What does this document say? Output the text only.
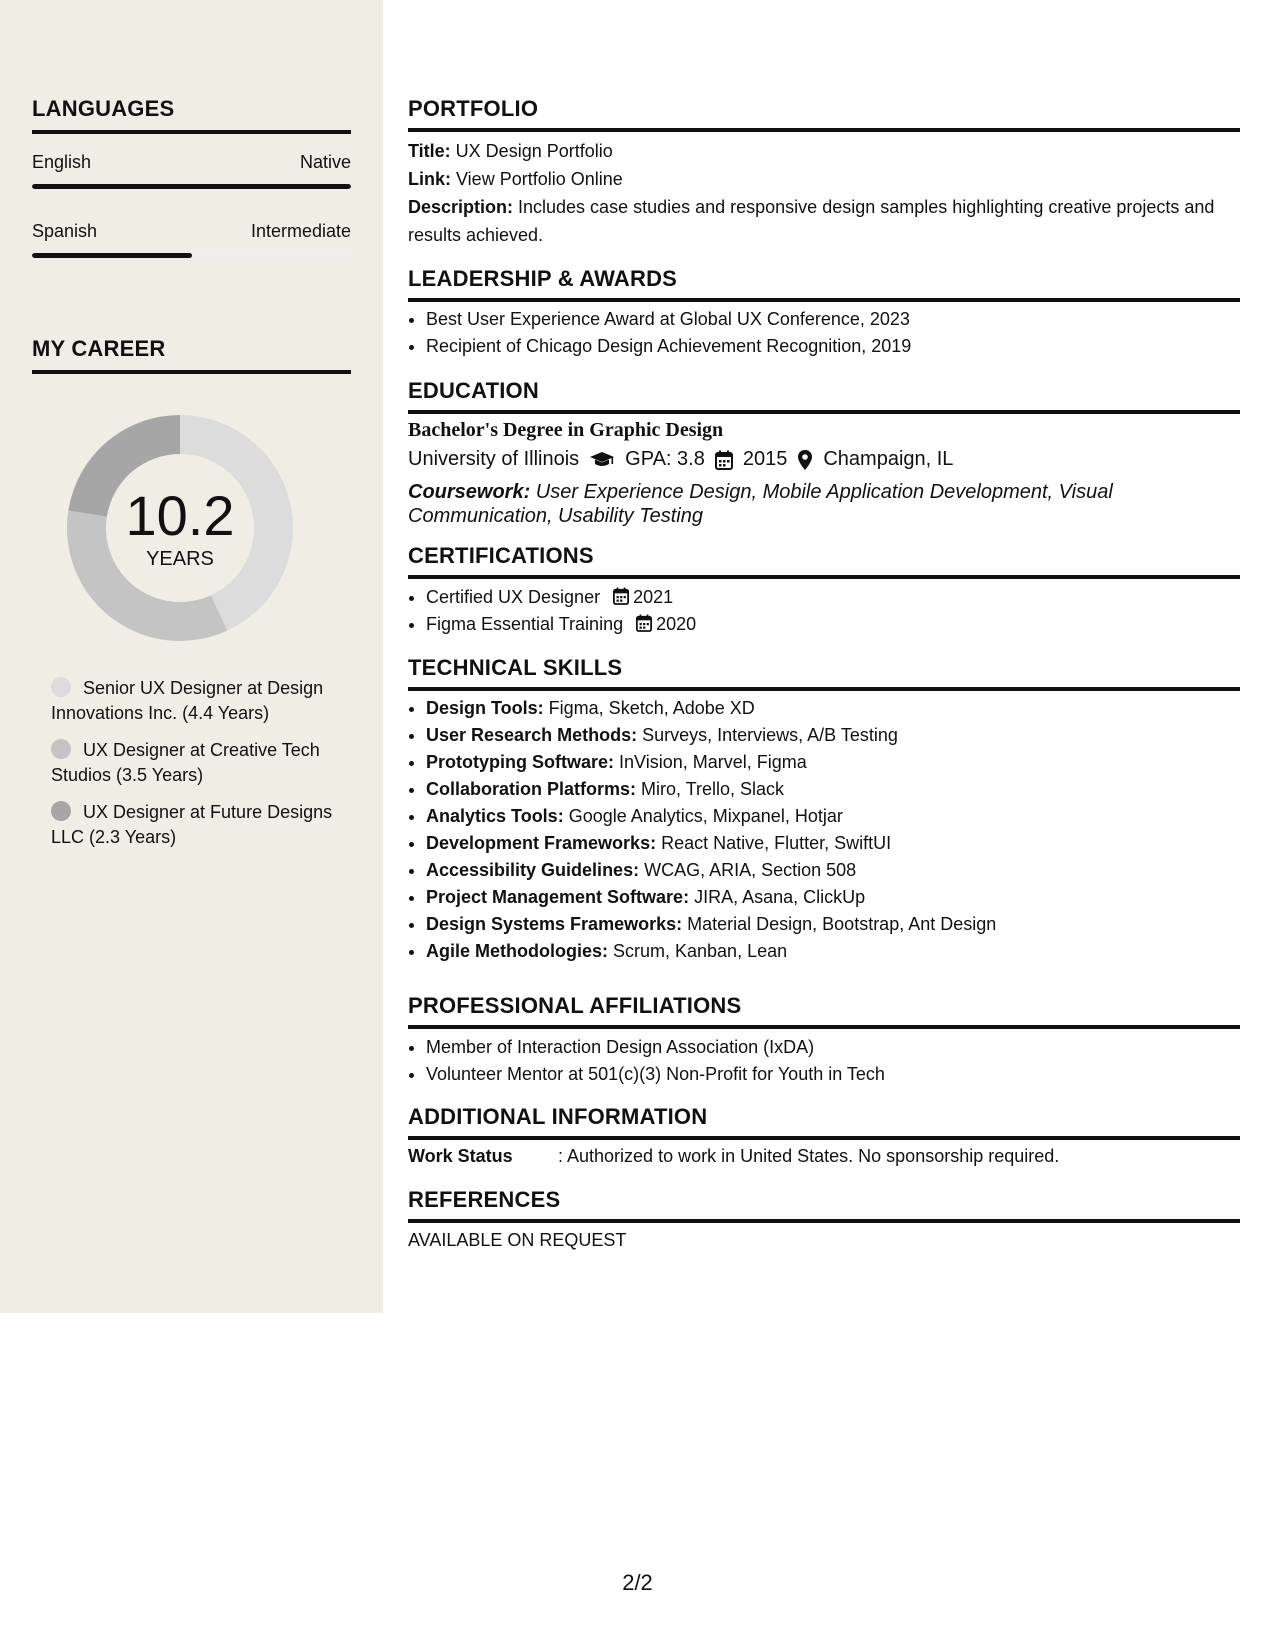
LANGUAGES
English	Native
Spanish	Intermediate
MY CAREER
10.2
YEARS
Senior UX Designer at Design Innovations Inc. (4.4 Years)
UX Designer at Creative Tech Studios (3.5 Years)
UX Designer at Future Designs LLC (2.3 Years)
PORTFOLIO
Title: UX Design Portfolio
Link: View Portfolio Online
Description: Includes case studies and responsive design samples highlighting creative projects and results achieved.
LEADERSHIP & AWARDS
• Best User Experience Award at Global UX Conference, 2023
• Recipient of Chicago Design Achievement Recognition, 2019
EDUCATION
Bachelor's Degree in Graphic Design
University of Illinois GPA: 3.8 2015 Champaign, IL
Coursework: User Experience Design, Mobile Application Development, Visual Communication, Usability Testing
CERTIFICATIONS
• Certified UX Designer 2021
• Figma Essential Training 2020
TECHNICAL SKILLS
• Design Tools: Figma, Sketch, Adobe XD
• User Research Methods: Surveys, Interviews, A/B Testing
• Prototyping Software: InVision, Marvel, Figma
• Collaboration Platforms: Miro, Trello, Slack
• Analytics Tools: Google Analytics, Mixpanel, Hotjar
• Development Frameworks: React Native, Flutter, SwiftUI
• Accessibility Guidelines: WCAG, ARIA, Section 508
• Project Management Software: JIRA, Asana, ClickUp
• Design Systems Frameworks: Material Design, Bootstrap, Ant Design
• Agile Methodologies: Scrum, Kanban, Lean
PROFESSIONAL AFFILIATIONS
• Member of Interaction Design Association (IxDA)
• Volunteer Mentor at 501(c)(3) Non-Profit for Youth in Tech
ADDITIONAL INFORMATION
Work Status	: Authorized to work in United States. No sponsorship required.
REFERENCES
AVAILABLE ON REQUEST
2/2
